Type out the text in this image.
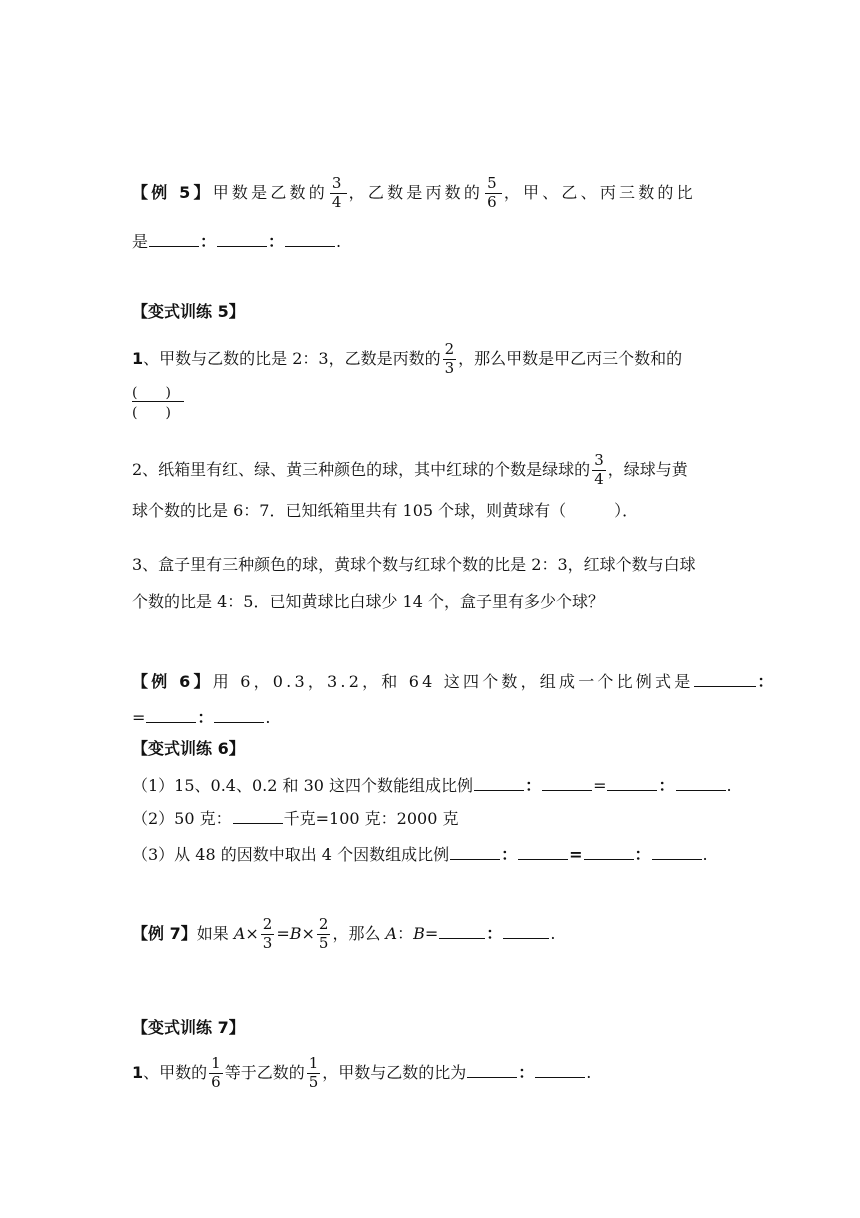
【例 5】甲数是乙数的 $\frac{3}{4}$ ，乙数是丙数的 $\frac{5}{6}$ ，甲、乙、丙三数的比
是	：	：	.
【变式训练 5】
1、甲数与乙数的比是 2：3，乙数是丙数的 $\frac{2}{3}$ ，那么甲数是甲乙丙三个数和的
(　　)
(　　)
2、纸箱里有红、绿、黄三种颜色的球，其中红球的个数是绿球的 $\frac{3}{4}$ ，绿球与黄
球个数的比是 6：7．已知纸箱里共有 105 个球，则黄球有（　　　）．
3、盒子里有三种颜色的球，黄球个数与红球个数的比是 2：3，红球个数与白球
个数的比是 4：5．已知黄球比白球少 14 个，盒子里有多少个球？
【例 6】用 6，0.3，3.2，和 64 这四个数，组成一个比例式是	：
=	：	.
【变式训练 6】
（1）15、0.4、0.2 和 30 这四个数能组成比例	：	=	：	.
（2）50 克：	千克=100 克：2000 克
（3）从 48 的因数中取出 4 个因数组成比例	：	=	：	.
【例 7】如果 $A\times \frac{2}{3} =B\times \frac{2}{5}$ ，那么 A：B=	：	.
【变式训练 7】
1、甲数的 $\frac{1}{6}$ 等于乙数的 $\frac{1}{5}$ ，甲数与乙数的比为	：	.
